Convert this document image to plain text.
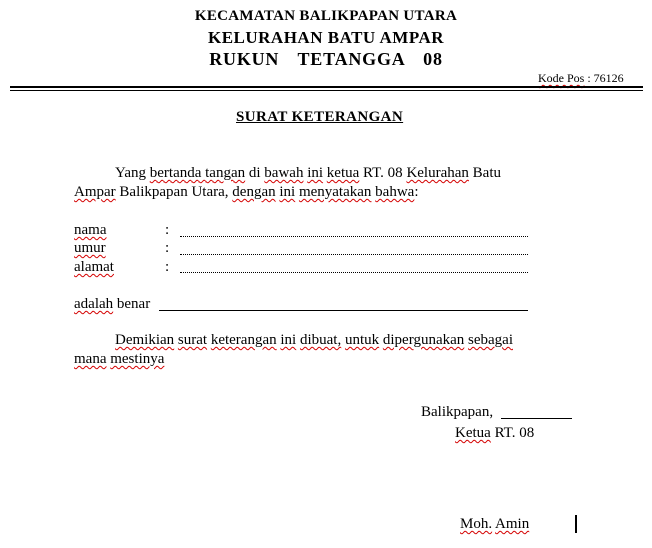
KECAMATAN BALIKPAPAN UTARA
KELURAHAN BATU AMPAR
RUKUN  TETANGGA  08
Kode Pos : 76126
SURAT KETERANGAN
Yang bertanda tangan di bawah ini ketua RT. 08 Kelurahan Batu
Ampar Balikpapan Utara, dengan ini menyatakan bahwa:
nama	:
umur	:
alamat	:
adalah benar
Demikian surat keterangan ini dibuat, untuk dipergunakan sebagai
mana mestinya
Balikpapan,
Ketua RT. 08
Moh. Amin
